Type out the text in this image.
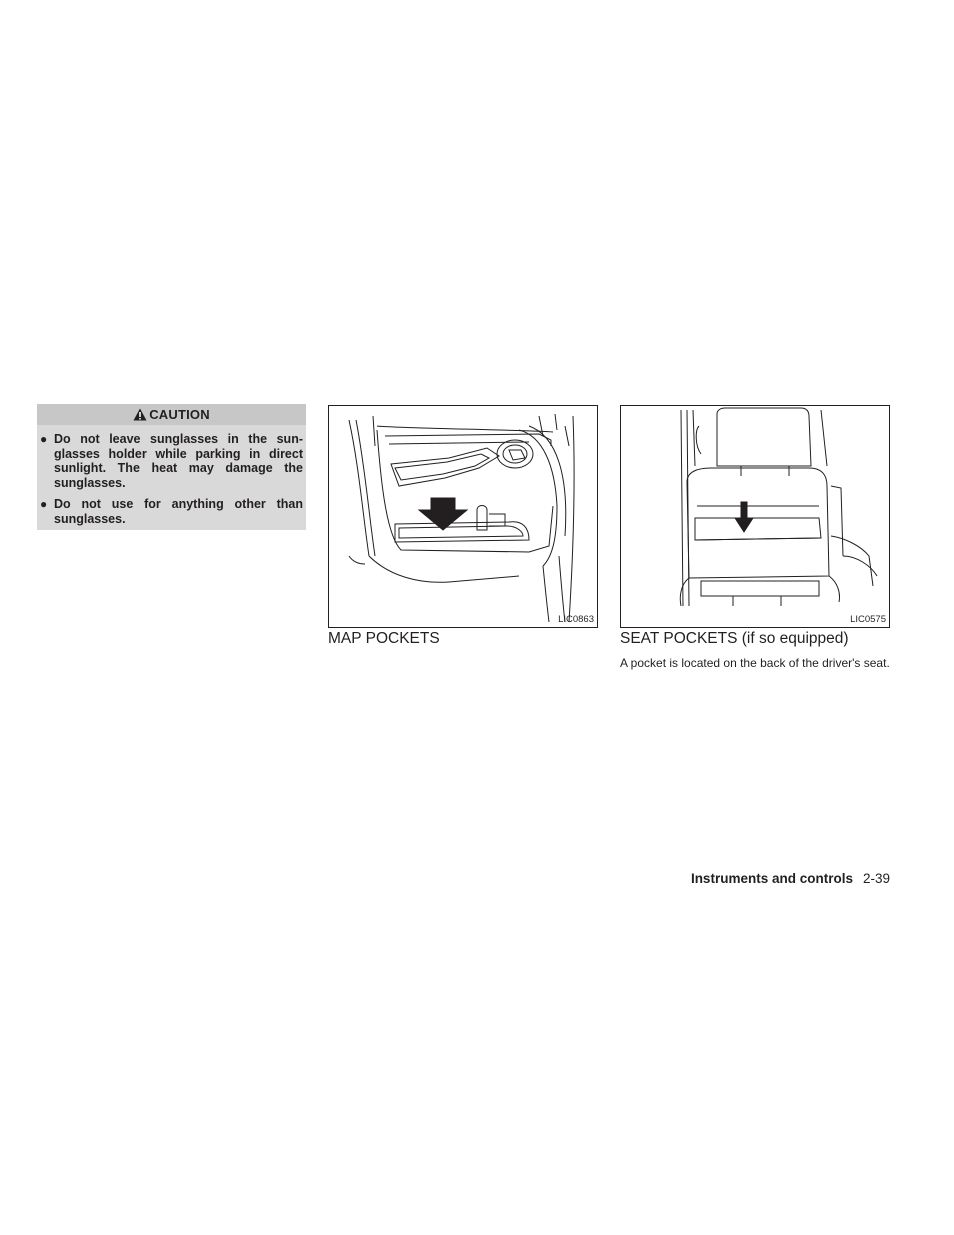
CAUTION
● Do not leave sunglasses in the sun-glasses holder while parking in direct sunlight. The heat may damage the sunglasses.
● Do not use for anything other than sunglasses.
LIC0863	LIC0575
MAP POCKETS	SEAT POCKETS (if so equipped)

A pocket is located on the back of the driver's seat.

Instruments and controls 2-39
